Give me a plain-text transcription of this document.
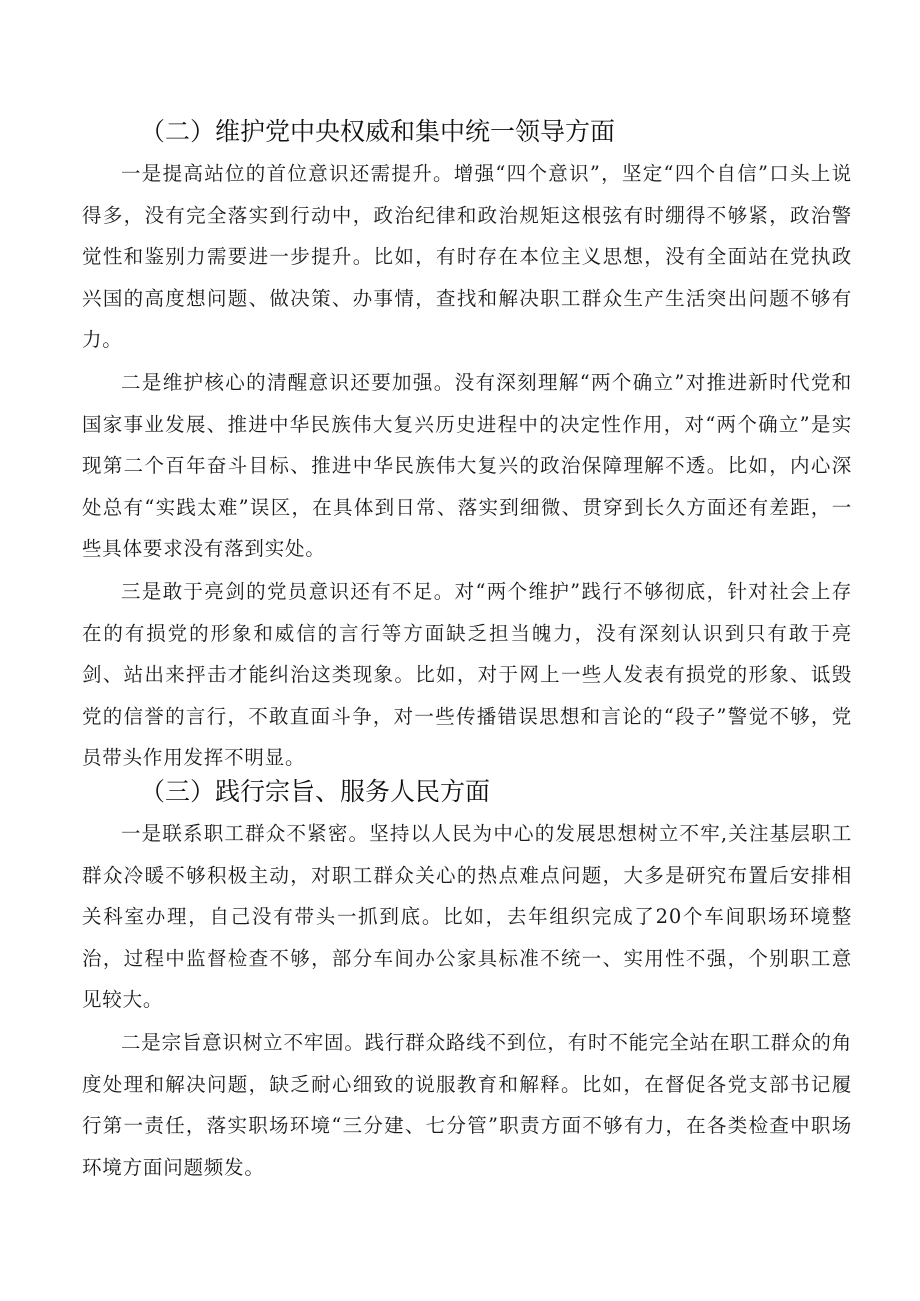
（二）维护党中央权威和集中统一领导方面

一是提高站位的首位意识还需提升。增强“四个意识”，坚定“四个自信”口头上说得多，没有完全落实到行动中，政治纪律和政治规矩这根弦有时绷得不够紧，政治警觉性和鉴别力需要进一步提升。比如，有时存在本位主义思想，没有全面站在党执政兴国的高度想问题、做决策、办事情，查找和解决职工群众生产生活突出问题不够有力。

二是维护核心的清醒意识还要加强。没有深刻理解“两个确立”对推进新时代党和国家事业发展、推进中华民族伟大复兴历史进程中的决定性作用，对“两个确立”是实现第二个百年奋斗目标、推进中华民族伟大复兴的政治保障理解不透。比如，内心深处总有“实践太难”误区，在具体到日常、落实到细微、贯穿到长久方面还有差距，一些具体要求没有落到实处。

三是敢于亮剑的党员意识还有不足。对“两个维护”践行不够彻底，针对社会上存在的有损党的形象和威信的言行等方面缺乏担当魄力，没有深刻认识到只有敢于亮剑、站出来抨击才能纠治这类现象。比如，对于网上一些人发表有损党的形象、诋毁党的信誉的言行，不敢直面斗争，对一些传播错误思想和言论的“段子”警觉不够，党员带头作用发挥不明显。

（三）践行宗旨、服务人民方面

一是联系职工群众不紧密。坚持以人民为中心的发展思想树立不牢,关注基层职工群众冷暖不够积极主动，对职工群众关心的热点难点问题，大多是研究布置后安排相关科室办理，自己没有带头一抓到底。比如，去年组织完成了20个车间职场环境整治，过程中监督检查不够，部分车间办公家具标准不统一、实用性不强，个别职工意见较大。

二是宗旨意识树立不牢固。践行群众路线不到位，有时不能完全站在职工群众的角度处理和解决问题，缺乏耐心细致的说服教育和解释。比如，在督促各党支部书记履行第一责任，落实职场环境“三分建、七分管”职责方面不够有力，在各类检查中职场环境方面问题频发。
